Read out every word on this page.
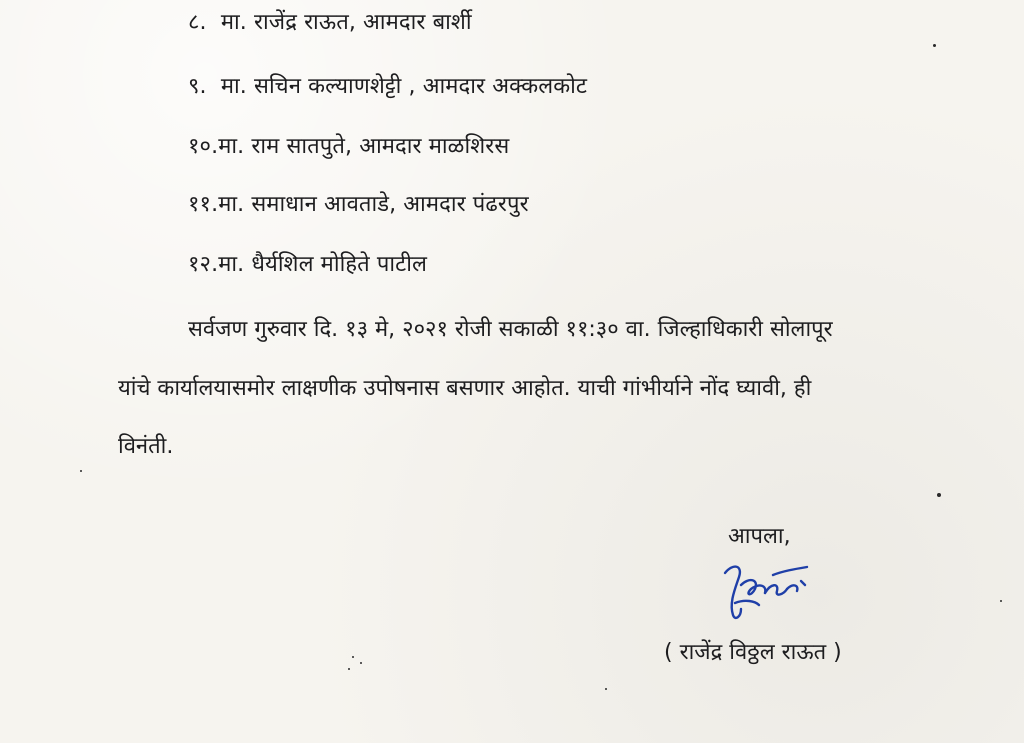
८. मा. राजेंद्र राऊत, आमदार बार्शी
९. मा. सचिन कल्याणशेट्टी , आमदार अक्कलकोट
१०.मा. राम सातपुते, आमदार माळशिरस
११.मा. समाधान आवताडे, आमदार पंढरपुर
१२.मा. धैर्यशिल मोहिते पाटील
सर्वजण गुरुवार दि. १३ मे, २०२१ रोजी सकाळी ११:३० वा. जिल्हाधिकारी सोलापूर
यांचे कार्यालयासमोर लाक्षणीक उपोषनास बसणार आहोत. याची गांभीर्याने नोंद घ्यावी, ही
विनंती.
आपला,
( राजेंद्र विठ्ठल राऊत )
